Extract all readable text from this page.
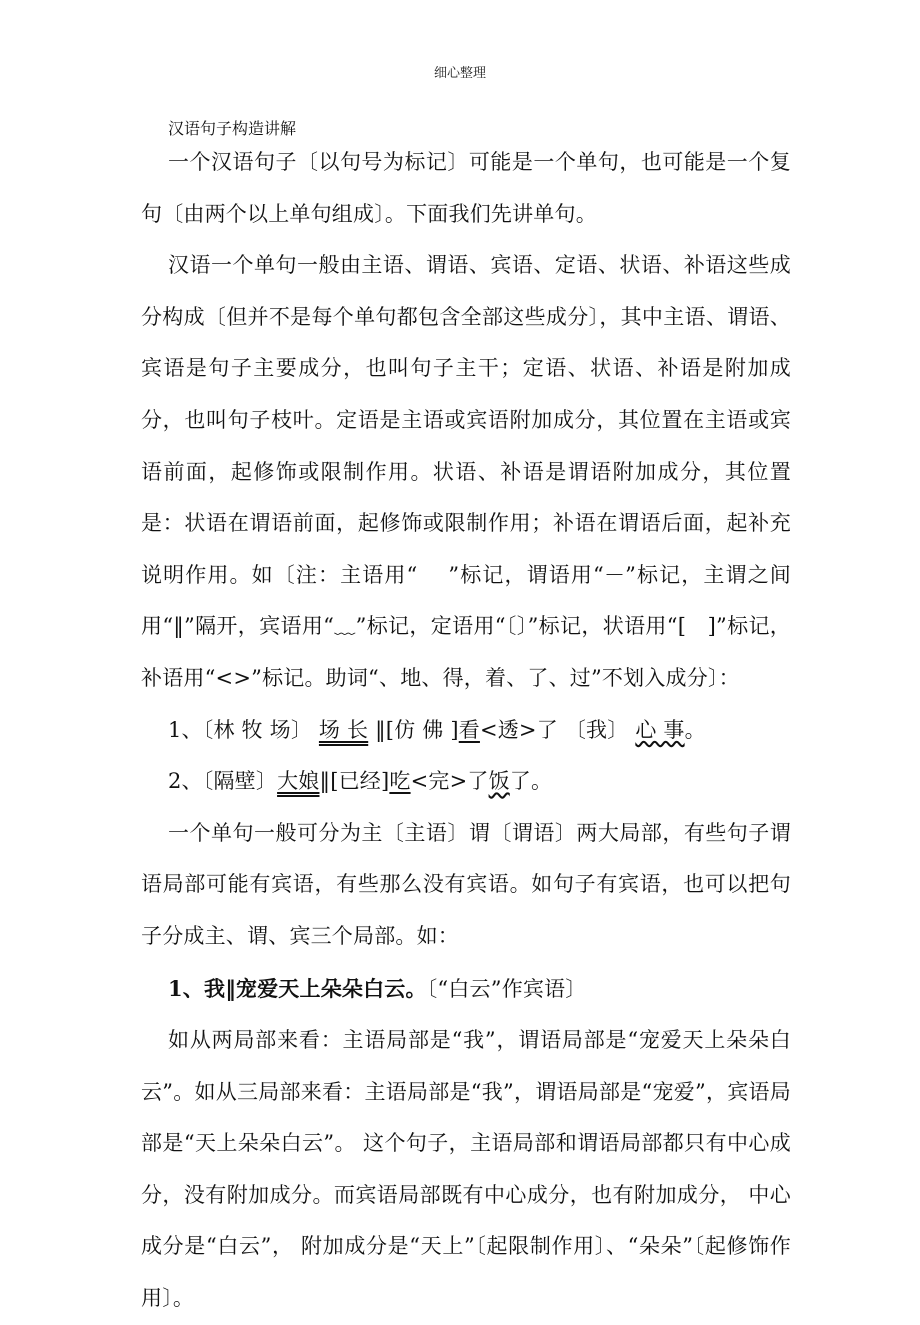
细心整理
汉语句子构造讲解

一个汉语句子〔以句号为标记〕可能是一个单句，也可能是一个复句〔由两个以上单句组成〕。下面我们先讲单句。

汉语一个单句一般由主语、谓语、宾语、定语、状语、补语这些成分构成〔但并不是每个单句都包含全部这些成分〕，其中主语、谓语、宾语是句子主要成分，也叫句子主干；定语、状语、补语是附加成分，也叫句子枝叶。定语是主语或宾语附加成分，其位置在主语或宾语前面，起修饰或限制作用。状语、补语是谓语附加成分，其位置是：状语在谓语前面，起修饰或限制作用；补语在谓语后面，起补充说明作用。如〔注：主语用“　 ”标记，谓语用“－”标记，主谓之间用“‖”隔开，宾语用“﹏”标记，定语用“〔〕”标记，状语用“[　]”标记，补语用“<>”标记。助词“、地、得，着、了、过”不划入成分〕：

1、〔林 牧 场〕 场 长 ‖[仿 佛 ]看<透>了 〔我〕 心 事。

2、〔隔壁〕大娘‖[已经]吃<完>了饭了。

一个单句一般可分为主〔主语〕谓〔谓语〕两大局部，有些句子谓语局部可能有宾语，有些那么没有宾语。如句子有宾语，也可以把句子分成主、谓、宾三个局部。如：

1、我‖宠爱天上朵朵白云。〔“白云”作宾语〕

如从两局部来看：主语局部是“我”，谓语局部是“宠爱天上朵朵白云”。如从三局部来看：主语局部是“我”，谓语局部是“宠爱”，宾语局部是“天上朵朵白云”。 这个句子，主语局部和谓语局部都只有中心成分，没有附加成分。而宾语局部既有中心成分，也有附加成分， 中心成分是“白云”， 附加成分是“天上”〔起限制作用〕、“朵朵”〔起修饰作用〕。
